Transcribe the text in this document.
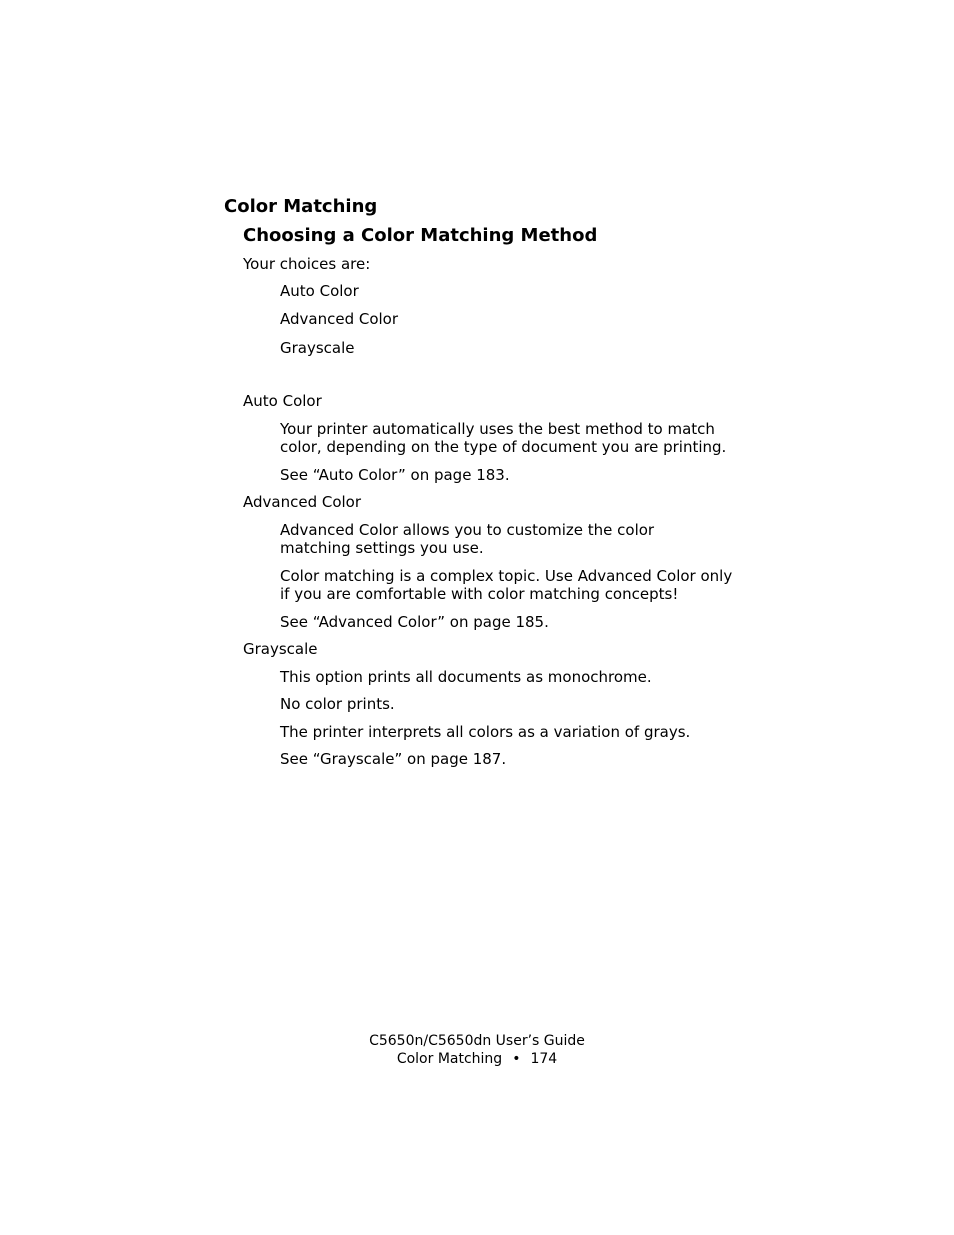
Color Matching
Choosing a Color Matching Method

Your choices are:

Auto Color

Advanced Color

Grayscale

Auto Color

Your printer automatically uses the best method to match color, depending on the type of document you are printing.

See “Auto Color” on page 183.

Advanced Color

Advanced Color allows you to customize the color matching settings you use.

Color matching is a complex topic. Use Advanced Color only if you are comfortable with color matching concepts!

See “Advanced Color” on page 185.

Grayscale

This option prints all documents as monochrome.

No color prints.

The printer interprets all colors as a variation of grays.

See “Grayscale” on page 187.

C5650n/C5650dn User’s Guide
Color Matching • 174
